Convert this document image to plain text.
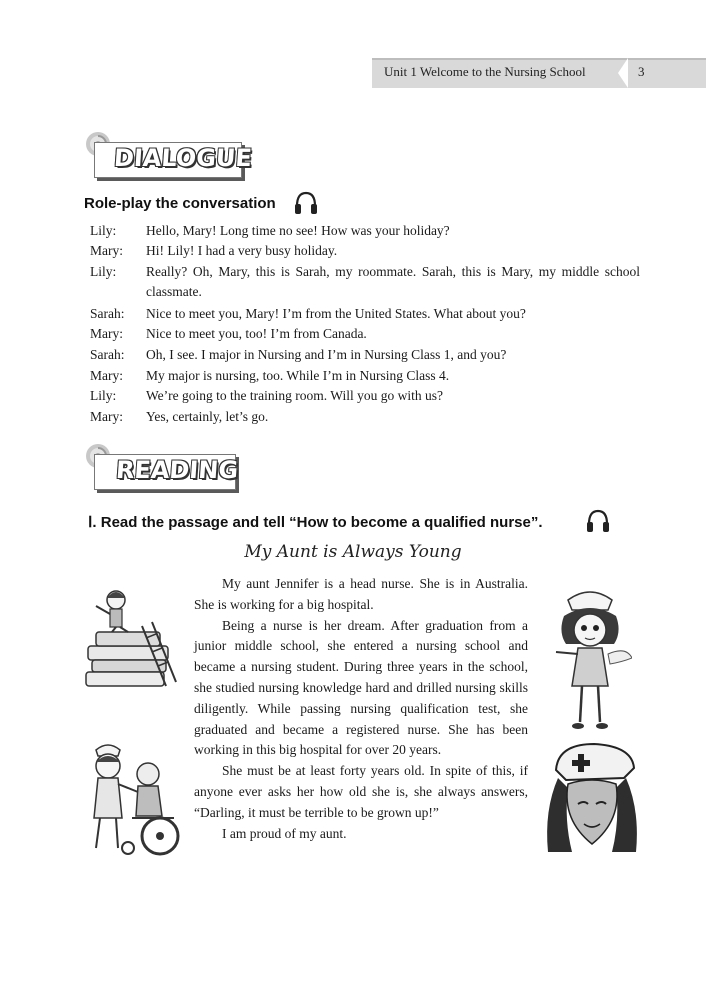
Unit 1 Welcome to the Nursing School	3
DIALOGUE
Role-play the conversation
Lily: Hello, Mary! Long time no see! How was your holiday?
Mary: Hi! Lily! I had a very busy holiday.
Lily: Really? Oh, Mary, this is Sarah, my roommate. Sarah, this is Mary, my middle school classmate.
Sarah: Nice to meet you, Mary! I’m from the United States. What about you?
Mary: Nice to meet you, too! I’m from Canada.
Sarah: Oh, I see. I major in Nursing and I’m in Nursing Class 1, and you?
Mary: My major is nursing, too. While I’m in Nursing Class 4.
Lily: We’re going to the training room. Will you go with us?
Mary: Yes, certainly, let’s go.
READING
Ⅰ. Read the passage and tell “How to become a qualified nurse”.
My Aunt is Always Young

My aunt Jennifer is a head nurse. She is in Australia. She is working for a big hospital.

Being a nurse is her dream. After graduation from a junior middle school, she entered a nursing school and became a nursing student. During three years in the school, she studied nursing knowledge hard and drilled nursing skills diligently. While passing nursing qualification test, she graduated and became a registered nurse. She has been working in this big hospital for over 20 years.

She must be at least forty years old. In spite of this, if anyone ever asks her how old she is, she always answers, “Darling, it must be terrible to be grown up!”

I am proud of my aunt.
